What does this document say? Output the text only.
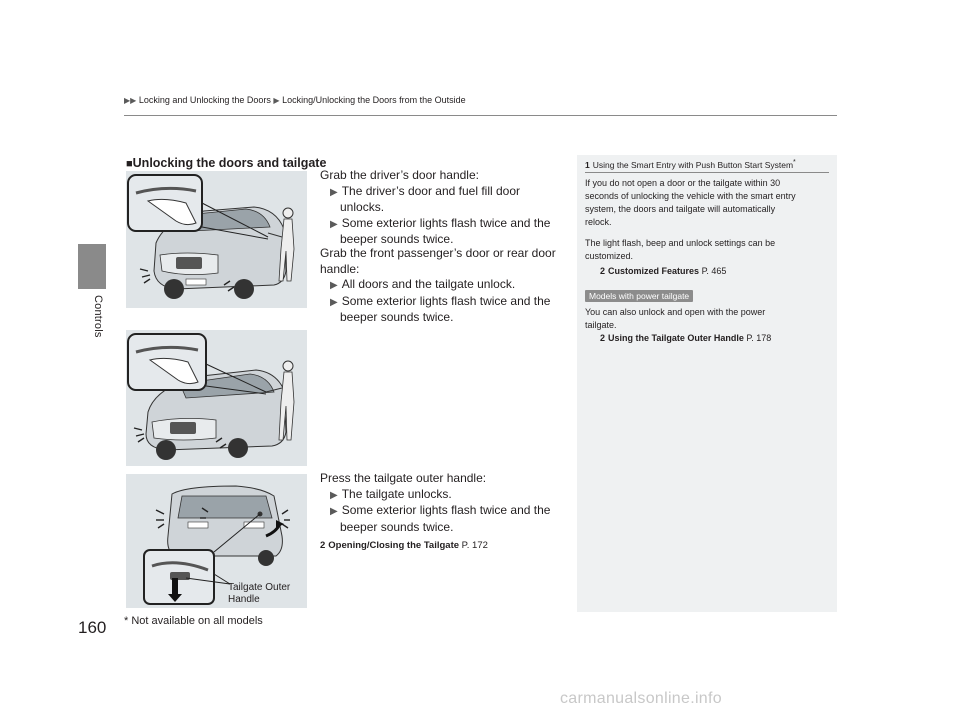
Controls
▶▶ Locking and Unlocking the Doors ▶ Locking/Unlocking the Doors from the Outside
160
■Unlocking the doors and tailgate
Grab the driver’s door handle:
▶ The driver’s door and fuel fill door
unlocks.
▶ Some exterior lights flash twice and the
beeper sounds twice.
Grab the front passenger’s door or rear door
handle:
▶ All doors and the tailgate unlock.
▶ Some exterior lights flash twice and the
beeper sounds twice.
Press the tailgate outer handle:
▶ The tailgate unlocks.
▶ Some exterior lights flash twice and the
beeper sounds twice.
2 Opening/Closing the Tailgate P. 172
Tailgate Outer
Handle
1 Using the Smart Entry with Push Button Start System*
If you do not open a door or the tailgate within 30
seconds of unlocking the vehicle with the smart entry
system, the doors and tailgate will automatically
relock.
The light flash, beep and unlock settings can be
customized.
2 Customized Features P. 465
Models with power tailgate
You can also unlock and open with the power
tailgate.
2 Using the Tailgate Outer Handle P. 178
* Not available on all models
carmanualsonline.info
